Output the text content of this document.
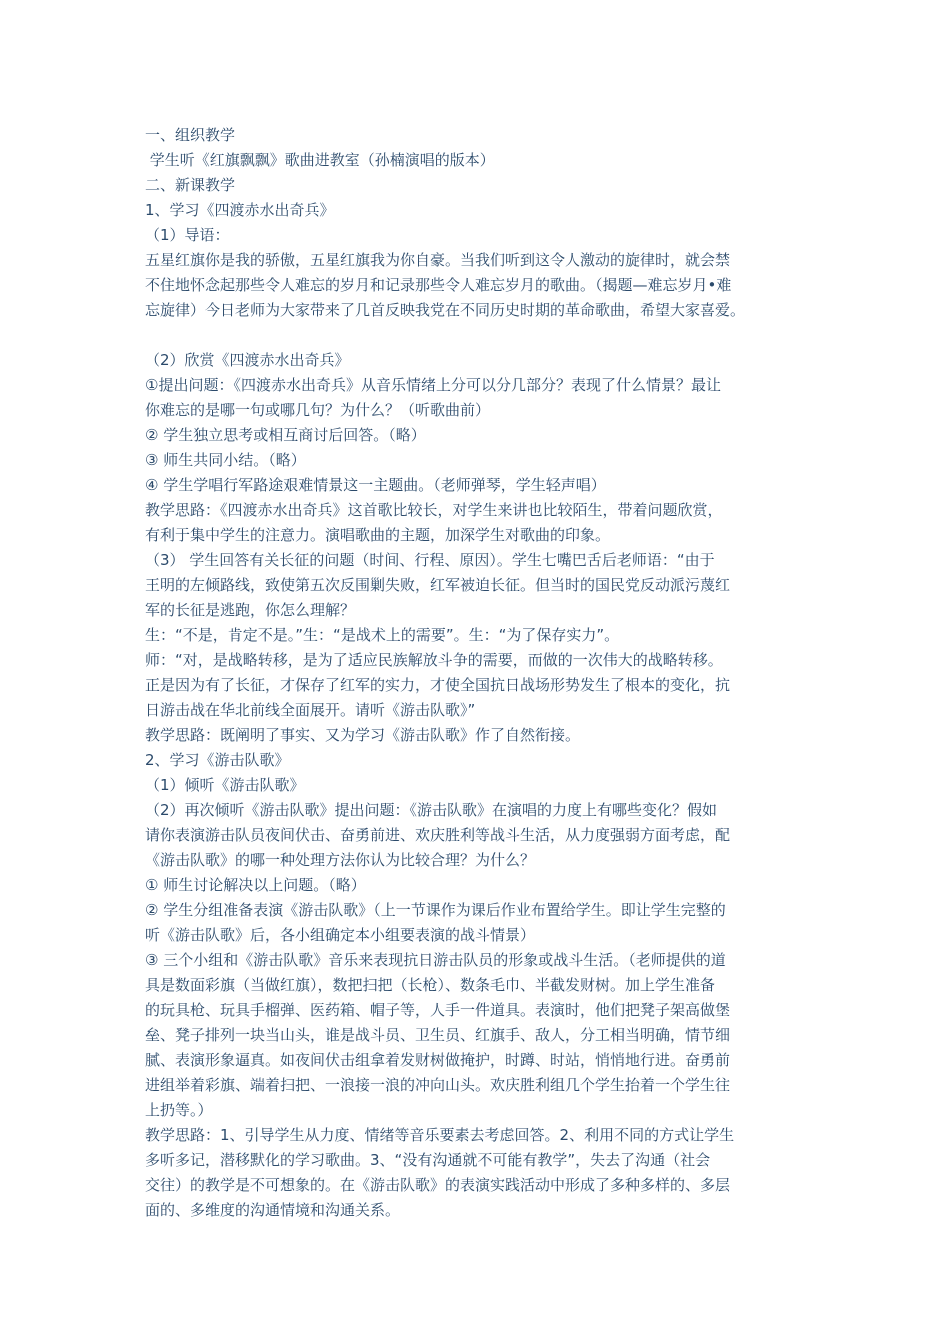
一、组织教学
学生听《红旗飘飘》歌曲进教室（孙楠演唱的版本）
二、新课教学
1、学习《四渡赤水出奇兵》
（1）导语：
五星红旗你是我的骄傲，五星红旗我为你自豪。当我们听到这令人激动的旋律时，就会禁
不住地怀念起那些令人难忘的岁月和记录那些令人难忘岁月的歌曲。（揭题—难忘岁月•难
忘旋律）今日老师为大家带来了几首反映我党在不同历史时期的革命歌曲，希望大家喜爱。
（2）欣赏《四渡赤水出奇兵》
①提出问题：《四渡赤水出奇兵》从音乐情绪上分可以分几部分？表现了什么情景？最让
你难忘的是哪一句或哪几句？为什么？（听歌曲前）
② 学生独立思考或相互商讨后回答。（略）
③ 师生共同小结。（略）
④ 学生学唱行军路途艰难情景这一主题曲。（老师弹琴，学生轻声唱）
教学思路：《四渡赤水出奇兵》这首歌比较长，对学生来讲也比较陌生，带着问题欣赏，
有利于集中学生的注意力。演唱歌曲的主题，加深学生对歌曲的印象。
（3） 学生回答有关长征的问题（时间、行程、原因）。学生七嘴巴舌后老师语：“由于
王明的左倾路线，致使第五次反围剿失败，红军被迫长征。但当时的国民党反动派污蔑红
军的长征是逃跑，你怎么理解？
生：“不是，肯定不是。”生：“是战术上的需要”。生：“为了保存实力”。
师：“对，是战略转移，是为了适应民族解放斗争的需要，而做的一次伟大的战略转移。
正是因为有了长征，才保存了红军的实力，才使全国抗日战场形势发生了根本的变化，抗
日游击战在华北前线全面展开。请听《游击队歌》”
教学思路：既阐明了事实、又为学习《游击队歌》作了自然衔接。
2、学习《游击队歌》
（1）倾听《游击队歌》
（2）再次倾听《游击队歌》提出问题：《游击队歌》在演唱的力度上有哪些变化？假如
请你表演游击队员夜间伏击、奋勇前进、欢庆胜利等战斗生活，从力度强弱方面考虑，配
《游击队歌》的哪一种处理方法你认为比较合理？为什么？
① 师生讨论解决以上问题。（略）
② 学生分组准备表演《游击队歌》（上一节课作为课后作业布置给学生。即让学生完整的
听《游击队歌》后，各小组确定本小组要表演的战斗情景）
③ 三个小组和《游击队歌》音乐来表现抗日游击队员的形象或战斗生活。（老师提供的道
具是数面彩旗（当做红旗），数把扫把（长枪）、数条毛巾、半截发财树。加上学生准备
的玩具枪、玩具手榴弹、医药箱、帽子等，人手一件道具。表演时，他们把凳子架高做堡
垒、凳子排列一块当山头，谁是战斗员、卫生员、红旗手、敌人，分工相当明确，情节细
腻、表演形象逼真。如夜间伏击组拿着发财树做掩护，时蹲、时站，悄悄地行进。奋勇前
进组举着彩旗、端着扫把、一浪接一浪的冲向山头。欢庆胜利组几个学生抬着一个学生往
上扔等。）
教学思路：1、引导学生从力度、情绪等音乐要素去考虑回答。2、利用不同的方式让学生
多听多记，潜移默化的学习歌曲。3、“没有沟通就不可能有教学”，失去了沟通（社会
交往）的教学是不可想象的。在《游击队歌》的表演实践活动中形成了多种多样的、多层
面的、多维度的沟通情境和沟通关系。
